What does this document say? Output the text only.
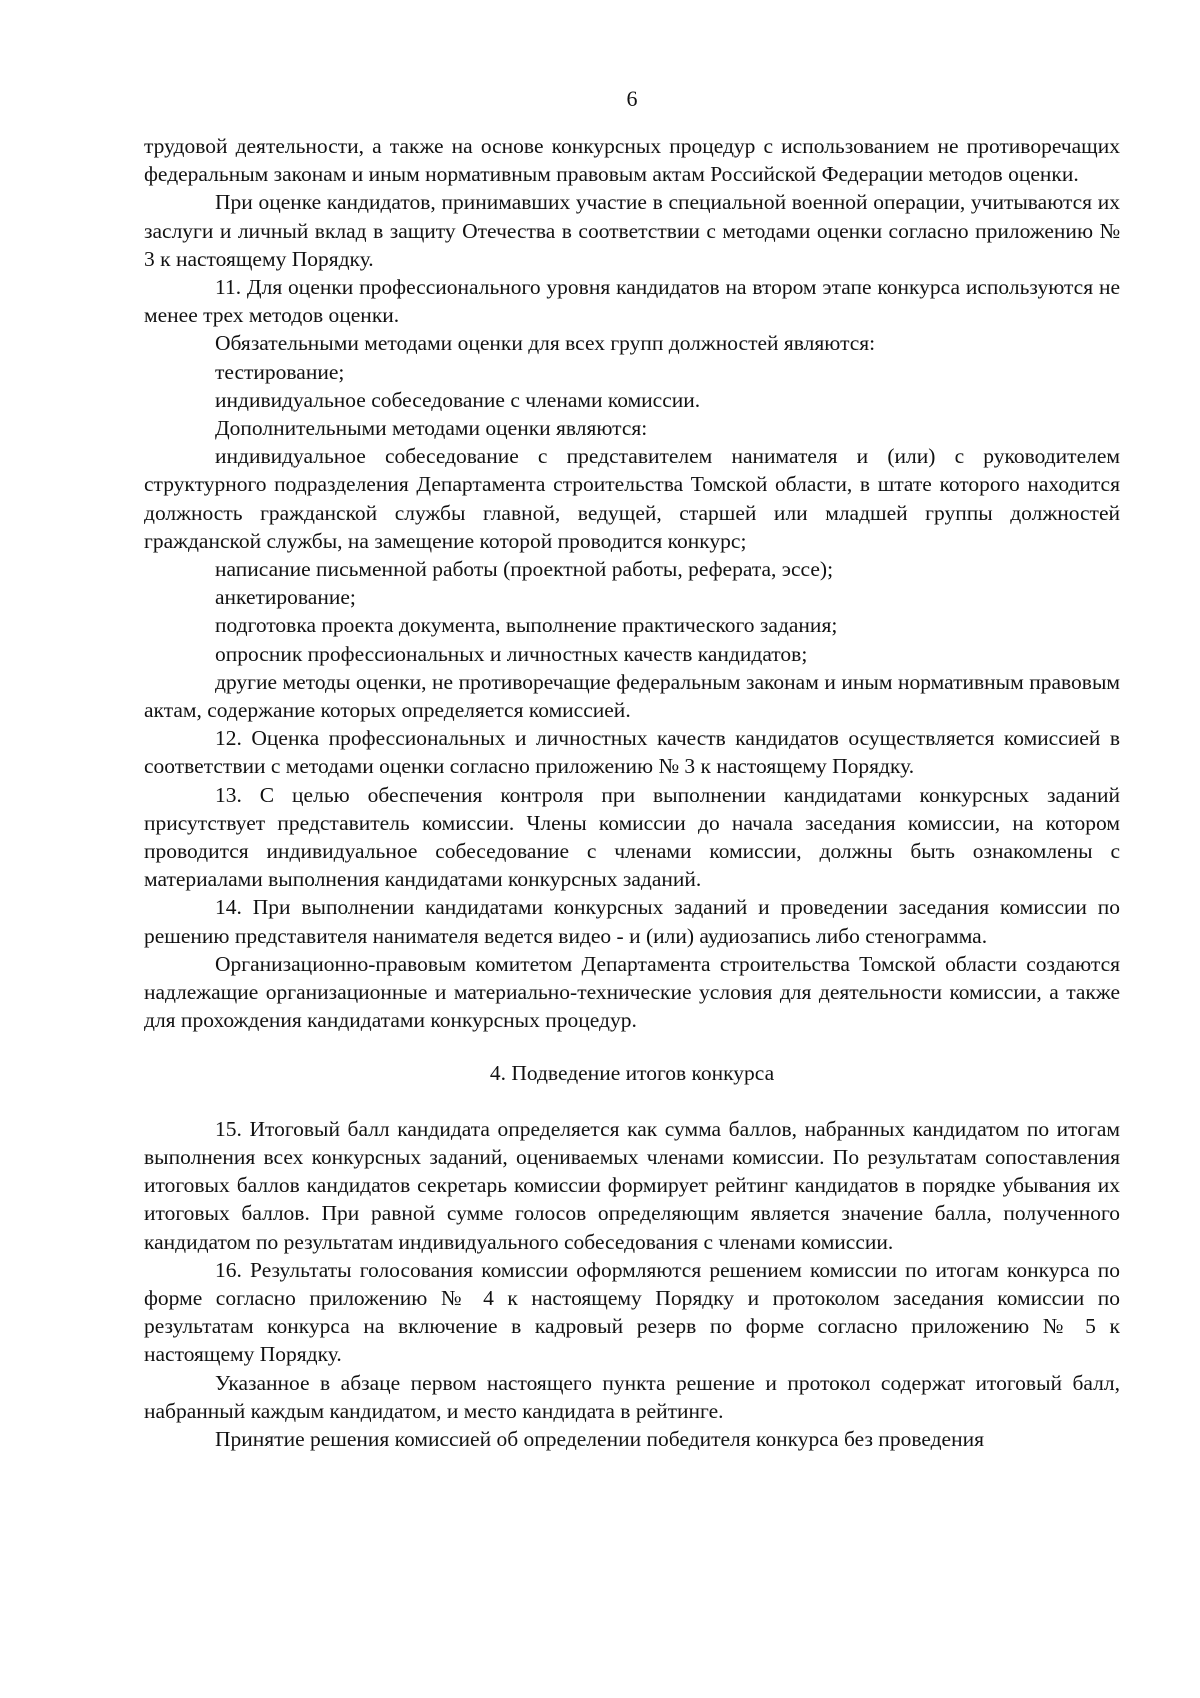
6

трудовой деятельности, а также на основе конкурсных процедур с использованием не противоречащих федеральным законам и иным нормативным правовым актам Российской Федерации методов оценки.

При оценке кандидатов, принимавших участие в специальной военной операции, учитываются их заслуги и личный вклад в защиту Отечества в соответствии с методами оценки согласно приложению № 3 к настоящему Порядку.

11. Для оценки профессионального уровня кандидатов на втором этапе конкурса используются не менее трех методов оценки.

Обязательными методами оценки для всех групп должностей являются:

тестирование;

индивидуальное собеседование с членами комиссии.

Дополнительными методами оценки являются:

индивидуальное собеседование с представителем нанимателя и (или) с руководителем структурного подразделения Департамента строительства Томской области, в штате которого находится должность гражданской службы главной, ведущей, старшей или младшей группы должностей гражданской службы, на замещение которой проводится конкурс;

написание письменной работы (проектной работы, реферата, эссе);

анкетирование;

подготовка проекта документа, выполнение практического задания;

опросник профессиональных и личностных качеств кандидатов;

другие методы оценки, не противоречащие федеральным законам и иным нормативным правовым актам, содержание которых определяется комиссией.

12. Оценка профессиональных и личностных качеств кандидатов осуществляется комиссией в соответствии с методами оценки согласно приложению № 3 к настоящему Порядку.

13. С целью обеспечения контроля при выполнении кандидатами конкурсных заданий присутствует представитель комиссии. Члены комиссии до начала заседания комиссии, на котором проводится индивидуальное собеседование с членами комиссии, должны быть ознакомлены с материалами выполнения кандидатами конкурсных заданий.

14. При выполнении кандидатами конкурсных заданий и проведении заседания комиссии по решению представителя нанимателя ведется видео - и (или) аудиозапись либо стенограмма.

Организационно-правовым комитетом Департамента строительства Томской области создаются надлежащие организационные и материально-технические условия для деятельности комиссии, а также для прохождения кандидатами конкурсных процедур.

4. Подведение итогов конкурса

15. Итоговый балл кандидата определяется как сумма баллов, набранных кандидатом по итогам выполнения всех конкурсных заданий, оцениваемых членами комиссии. По результатам сопоставления итоговых баллов кандидатов секретарь комиссии формирует рейтинг кандидатов в порядке убывания их итоговых баллов. При равной сумме голосов определяющим является значение балла, полученного кандидатом по результатам индивидуального собеседования с членами комиссии.

16. Результаты голосования комиссии оформляются решением комиссии по итогам конкурса по форме согласно приложению № 4 к настоящему Порядку и протоколом заседания комиссии по результатам конкурса на включение в кадровый резерв по форме согласно приложению № 5 к настоящему Порядку.

Указанное в абзаце первом настоящего пункта решение и протокол содержат итоговый балл, набранный каждым кандидатом, и место кандидата в рейтинге.

Принятие решения комиссией об определении победителя конкурса без проведения
